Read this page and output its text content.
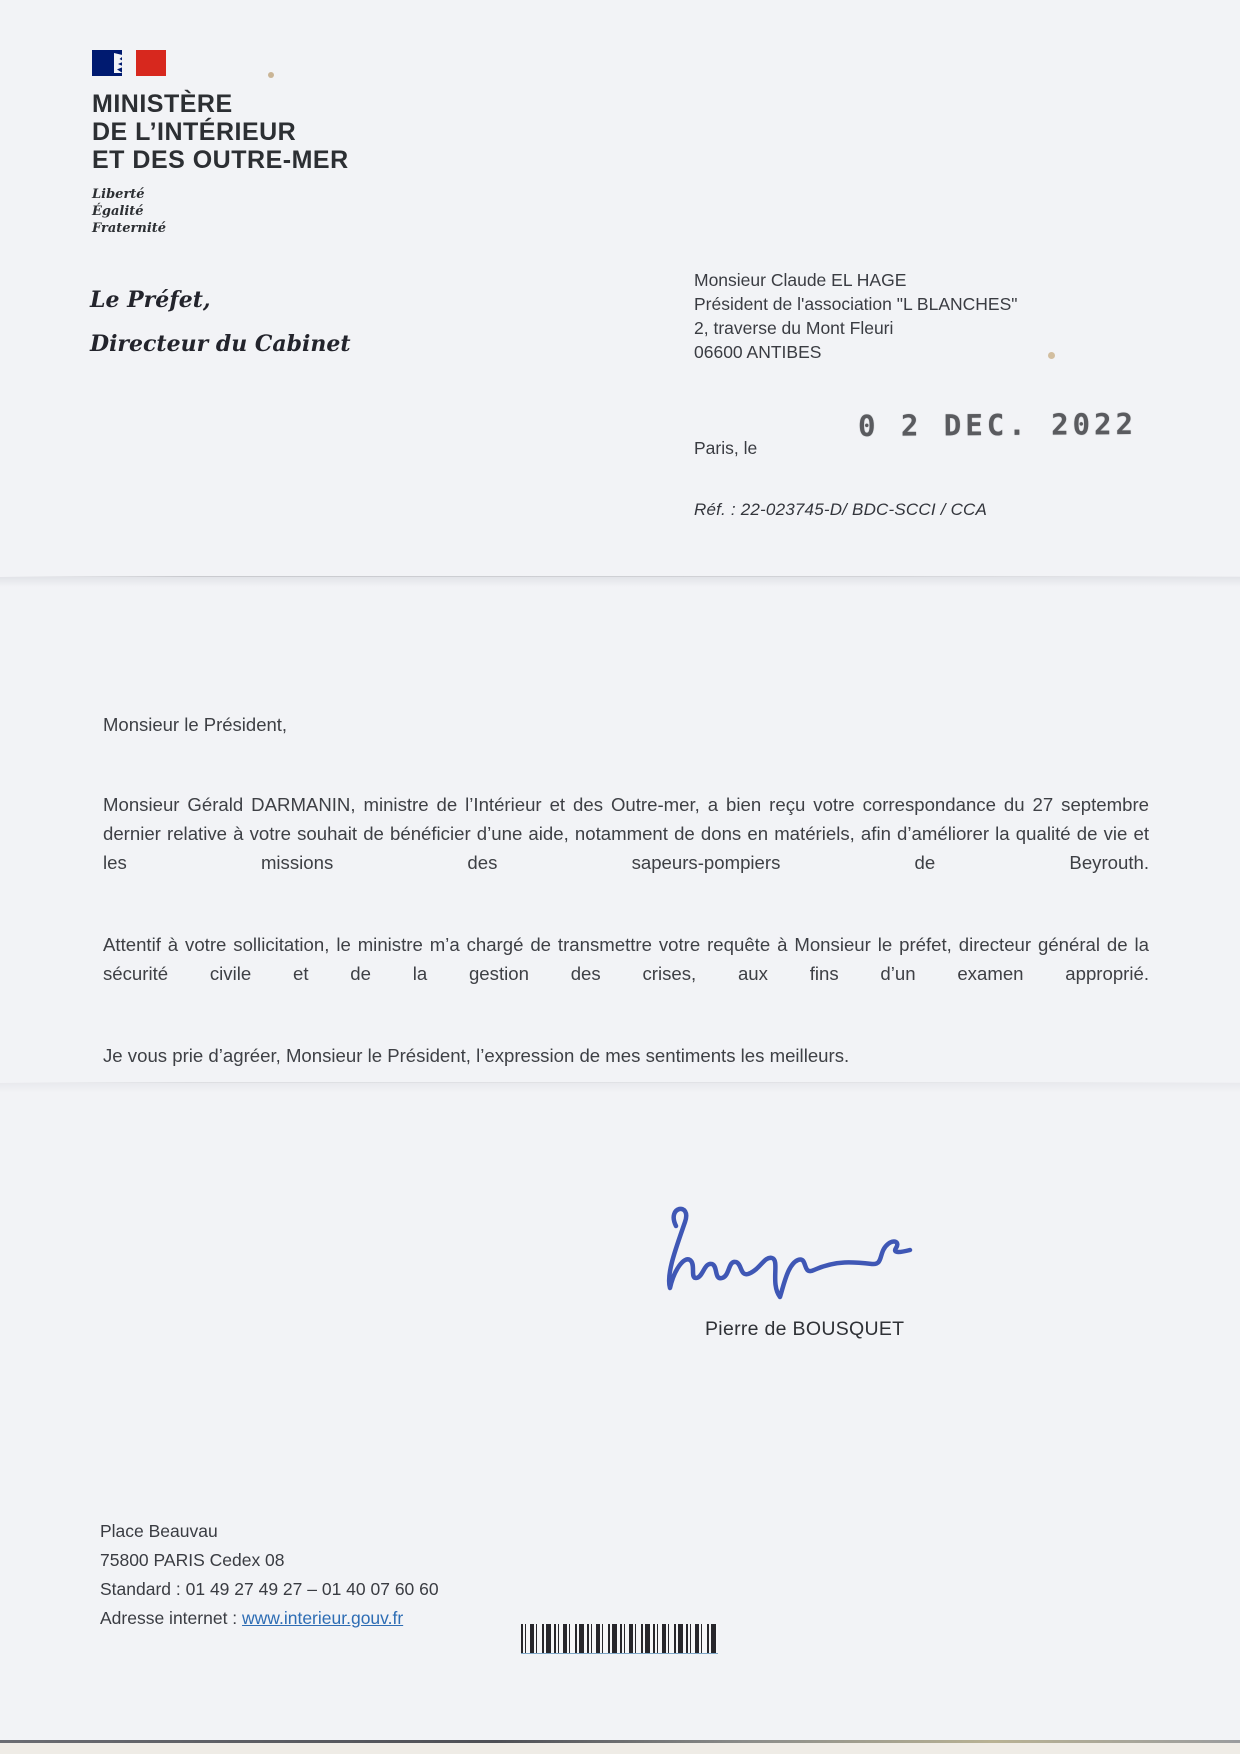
MINISTÈRE
DE L’INTÉRIEUR
ET DES OUTRE-MER
Liberté
Égalité
Fraternité
Le Préfet,
Directeur du Cabinet
Monsieur Claude EL HAGE
Président de l'association "L BLANCHES"
2, traverse du Mont Fleuri
06600 ANTIBES
0 2 DEC. 2022
Paris, le
Réf. : 22-023745-D/ BDC-SCCI / CCA
Monsieur le Président,

Monsieur Gérald DARMANIN, ministre de l’Intérieur et des Outre-mer, a bien reçu votre correspondance du 27 septembre dernier relative à votre souhait de bénéficier d’une aide, notamment de dons en matériels, afin d’améliorer la qualité de vie et les missions des sapeurs-pompiers de Beyrouth.

Attentif à votre sollicitation, le ministre m’a chargé de transmettre votre requête à Monsieur le préfet, directeur général de la sécurité civile et de la gestion des crises, aux fins d’un examen approprié.

Je vous prie d’agréer, Monsieur le Président, l’expression de mes sentiments les meilleurs.

Pierre de BOUSQUET
Place Beauvau
75800 PARIS Cedex 08
Standard : 01 49 27 49 27 – 01 40 07 60 60
Adresse internet : www.interieur.gouv.fr
